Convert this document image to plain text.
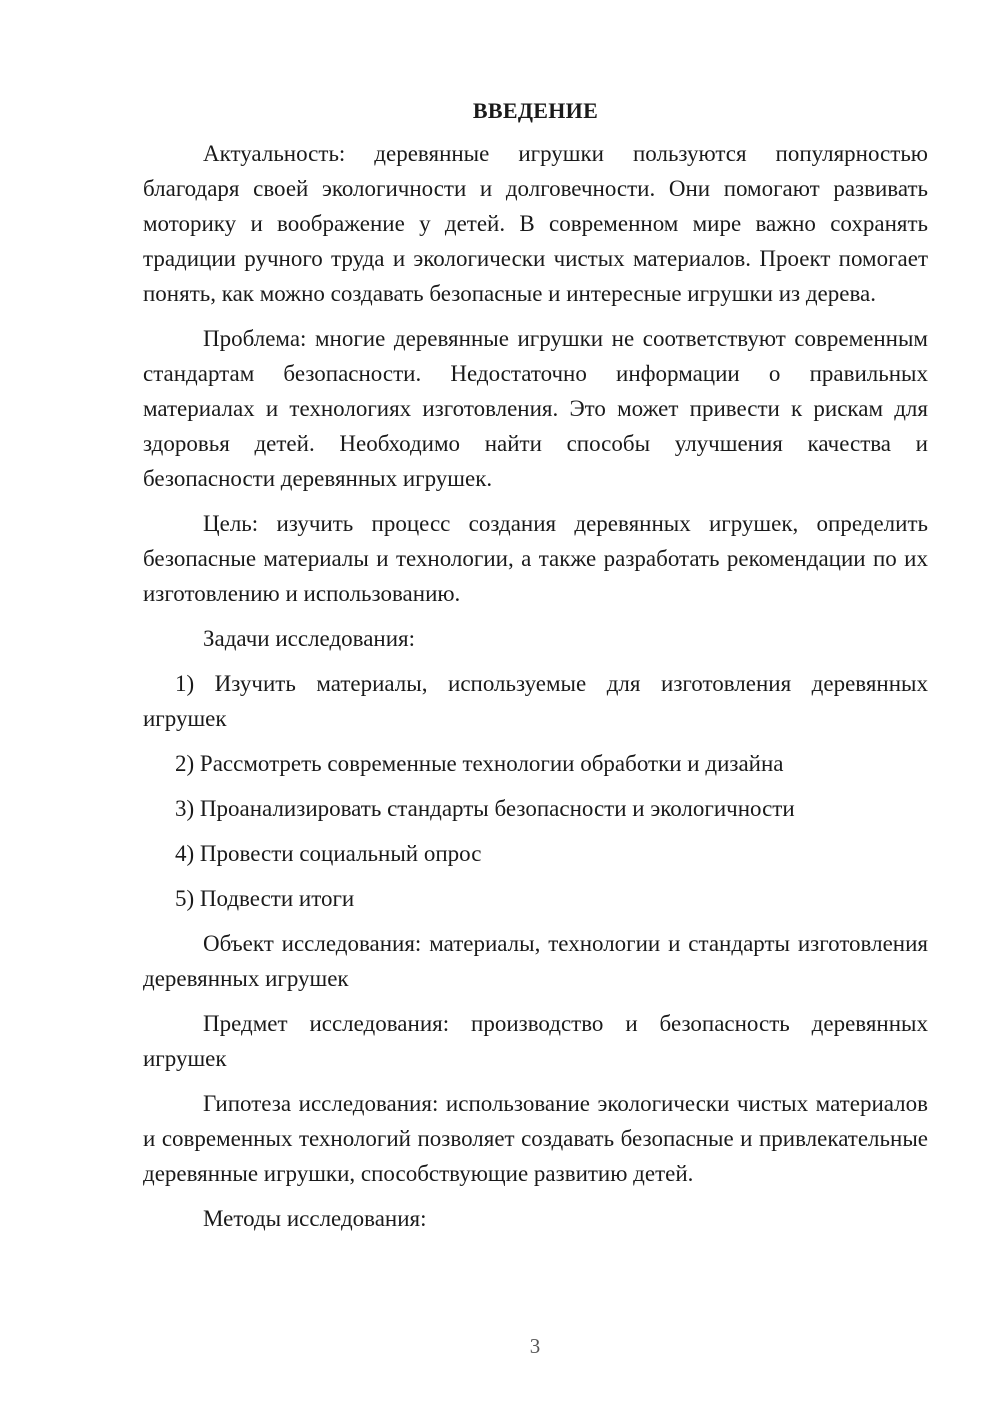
ВВЕДЕНИЕ

Актуальность: деревянные игрушки пользуются популярностью благодаря своей экологичности и долговечности. Они помогают развивать моторику и воображение у детей. В современном мире важно сохранять традиции ручного труда и экологически чистых материалов. Проект помогает понять, как можно создавать безопасные и интересные игрушки из дерева.

Проблема: многие деревянные игрушки не соответствуют современным стандартам безопасности. Недостаточно информации о правильных материалах и технологиях изготовления. Это может привести к рискам для здоровья детей. Необходимо найти способы улучшения качества и безопасности деревянных игрушек.

Цель: изучить процесс создания деревянных игрушек, определить безопасные материалы и технологии, а также разработать рекомендации по их изготовлению и использованию.

Задачи исследования:

1) Изучить материалы, используемые для изготовления деревянных игрушек

2) Рассмотреть современные технологии обработки и дизайна

3) Проанализировать стандарты безопасности и экологичности

4) Провести социальный опрос

5) Подвести итоги

Объект исследования: материалы, технологии и стандарты изготовления деревянных игрушек

Предмет исследования: производство и безопасность деревянных игрушек

Гипотеза исследования: использование экологически чистых материалов и современных технологий позволяет создавать безопасные и привлекательные деревянные игрушки, способствующие развитию детей.

Методы исследования:

3
